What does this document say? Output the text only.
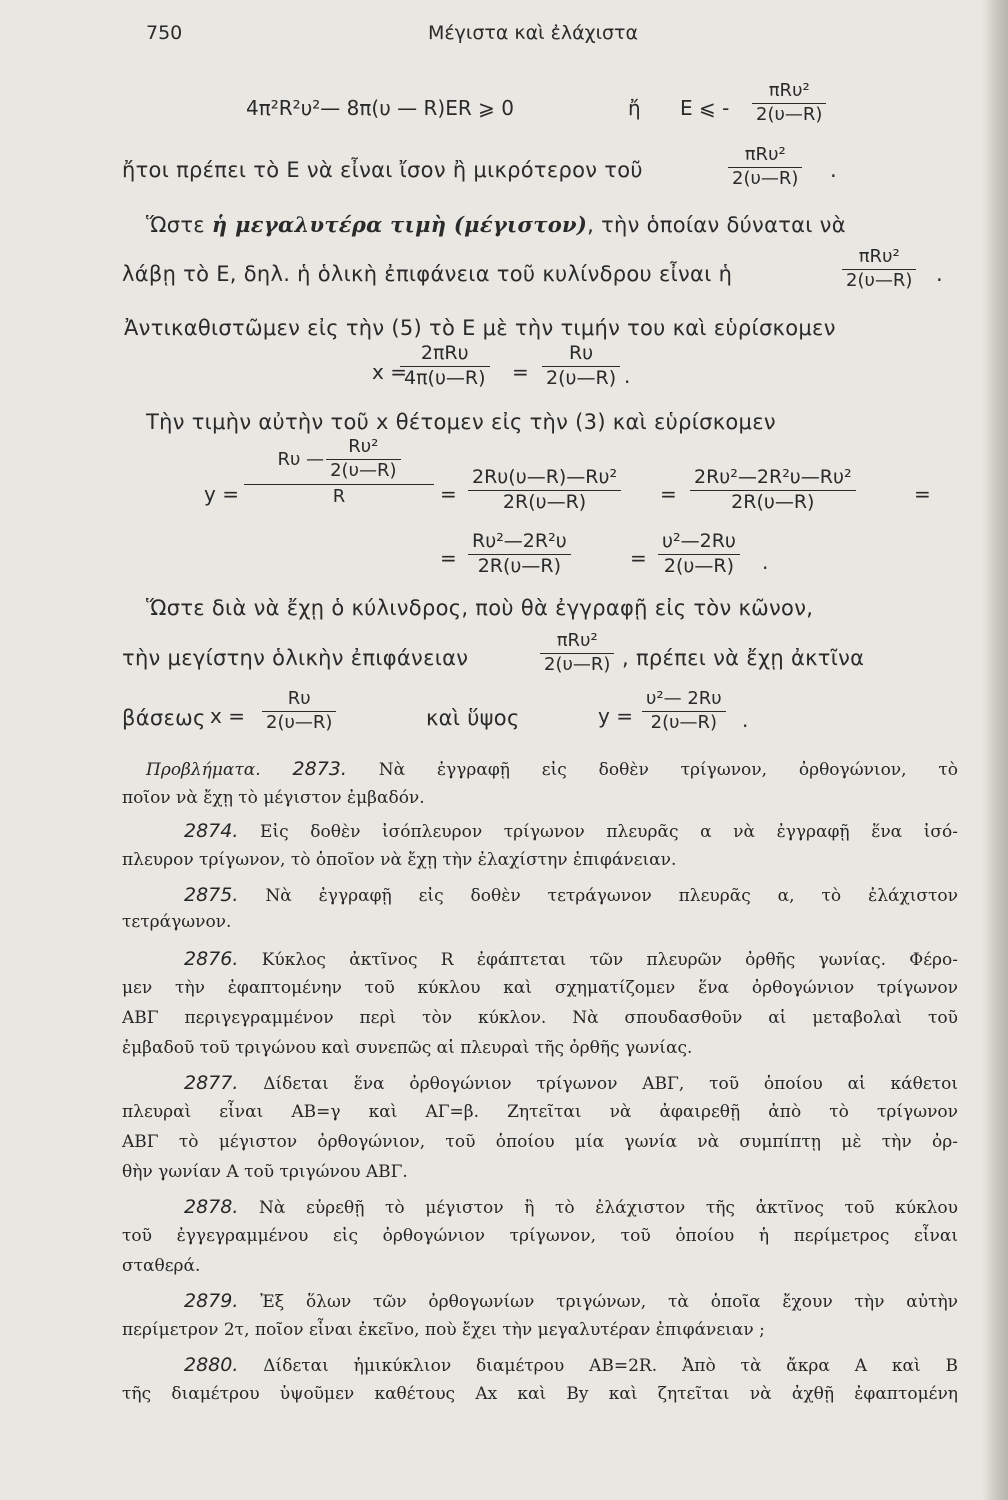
750	Μέγιστα καὶ ἐλάχιστα
4π²R²υ²— 8π(υ — R)ER ⩾ 0	ἤ E ⩽ -
πRυ²
2(υ—R)
ἤτοι πρέπει τὸ E νὰ εἶναι ἴσον ἢ μικρότερον τοῦ
πRυ²
2(υ—R) .
Ὥστε ἡ μεγαλυτέρα τιμὴ (μέγιστον), τὴν ὁποίαν δύναται νὰ
λάβῃ τὸ E, δηλ. ἡ ὁλικὴ ἐπιφάνεια τοῦ κυλίνδρου εἶναι ἡ
πRυ²
2(υ—R) .
Ἀντικαθιστῶμεν εἰς τὴν (5) τὸ E μὲ τὴν τιμήν του καὶ εὑρίσκομεν
x =
2πRυ
4π(υ—R) = $\frac{R\upsilon}{2(\upsilon—R)}$ .
Τὴν τιμὴν αὐτὴν τοῦ x θέτομεν εἰς τὴν (3) καὶ εὑρίσκομεν
$y = \frac{R\upsilon — \frac{\text{Rυ²}}{2(\upsilon—R)}}{R} = \frac{\text{2Rυ(υ—R)—Rυ²}}{2R(\upsilon—R)} = \frac{\text{2Rυ²—2R²υ—Rυ²}}{2R(\upsilon—R)}$	=
= $\frac{\text{Rυ²—2R²υ}}{2R(\upsilon—R)}$	= $\frac{\text{υ²—2Rυ}}{2(\upsilon—R)}$ .
Ὥστε διὰ νὰ ἔχῃ ὁ κύλινδρος, ποὺ θὰ ἐγγραφῇ εἰς τὸν κῶνον,
τὴν μεγίστην ὁλικὴν ἐπιφάνειαν
πRυ²
2(υ—R) , πρέπει νὰ ἔχῃ ἀκτῖνα
βάσεως $x = \frac{R\upsilon}{2(\upsilon—R)}$	καὶ ὕψος	$y = \frac{\text{υ²— 2Rυ}}{2(\upsilon—R)}$ .
Προβλήματα. 2873. Νὰ ἐγγραφῇ εἰς δοθὲν τρίγωνον, ὀρθογώνιον, τὸ
ποῖον νὰ ἔχῃ τὸ μέγιστον ἐμβαδόν.
2874. Εἰς δοθὲν ἰσόπλευρον τρίγωνον πλευρᾶς α νὰ ἐγγραφῇ ἕνα ἰσό-
πλευρον τρίγωνον, τὸ ὁποῖον νὰ ἔχῃ τὴν ἐλαχίστην ἐπιφάνειαν.
2875. Νὰ ἐγγραφῇ εἰς δοθὲν τετράγωνον πλευρᾶς α, τὸ ἐλάχιστον
τετράγωνον.
2876. Κύκλος ἀκτῖνος R ἐφάπτεται τῶν πλευρῶν ὀρθῆς γωνίας. Φέρο-
μεν τὴν ἐφαπτομένην τοῦ κύκλου καὶ σχηματίζομεν ἕνα ὀρθογώνιον τρίγωνον
ΑΒΓ περιγεγραμμένον περὶ τὸν κύκλον. Νὰ σπουδασθοῦν αἱ μεταβολαὶ τοῦ
ἐμβαδοῦ τοῦ τριγώνου καὶ συνεπῶς αἱ πλευραὶ τῆς ὀρθῆς γωνίας.
2877. Δίδεται ἕνα ὀρθογώνιον τρίγωνον ΑΒΓ, τοῦ ὁποίου αἱ κάθετοι
πλευραὶ εἶναι ΑΒ=γ καὶ ΑΓ=β. Ζητεῖται νὰ ἀφαιρεθῇ ἀπὸ τὸ τρίγωνον
ΑΒΓ τὸ μέγιστον ὀρθογώνιον, τοῦ ὁποίου μία γωνία νὰ συμπίπτῃ μὲ τὴν ὀρ-
θὴν γωνίαν Α τοῦ τριγώνου ΑΒΓ.
2878. Νὰ εὑρεθῇ τὸ μέγιστον ἢ τὸ ἐλάχιστον τῆς ἀκτῖνος τοῦ κύκλου
τοῦ ἐγγεγραμμένου εἰς ὀρθογώνιον τρίγωνον, τοῦ ὁποίου ἡ περίμετρος εἶναι
σταθερά.
2879. Ἐξ ὅλων τῶν ὀρθογωνίων τριγώνων, τὰ ὁποῖα ἔχουν τὴν αὐτὴν
περίμετρον 2τ, ποῖον εἶναι ἐκεῖνο, ποὺ ἔχει τὴν μεγαλυτέραν ἐπιφάνειαν ;
2880. Δίδεται ἡμικύκλιον διαμέτρου ΑΒ=2R. Ἀπὸ τὰ ἄκρα Α καὶ Β
τῆς διαμέτρου ὑψοῦμεν καθέτους Ax καὶ By καὶ ζητεῖται νὰ ἀχθῇ ἐφαπτομένη
